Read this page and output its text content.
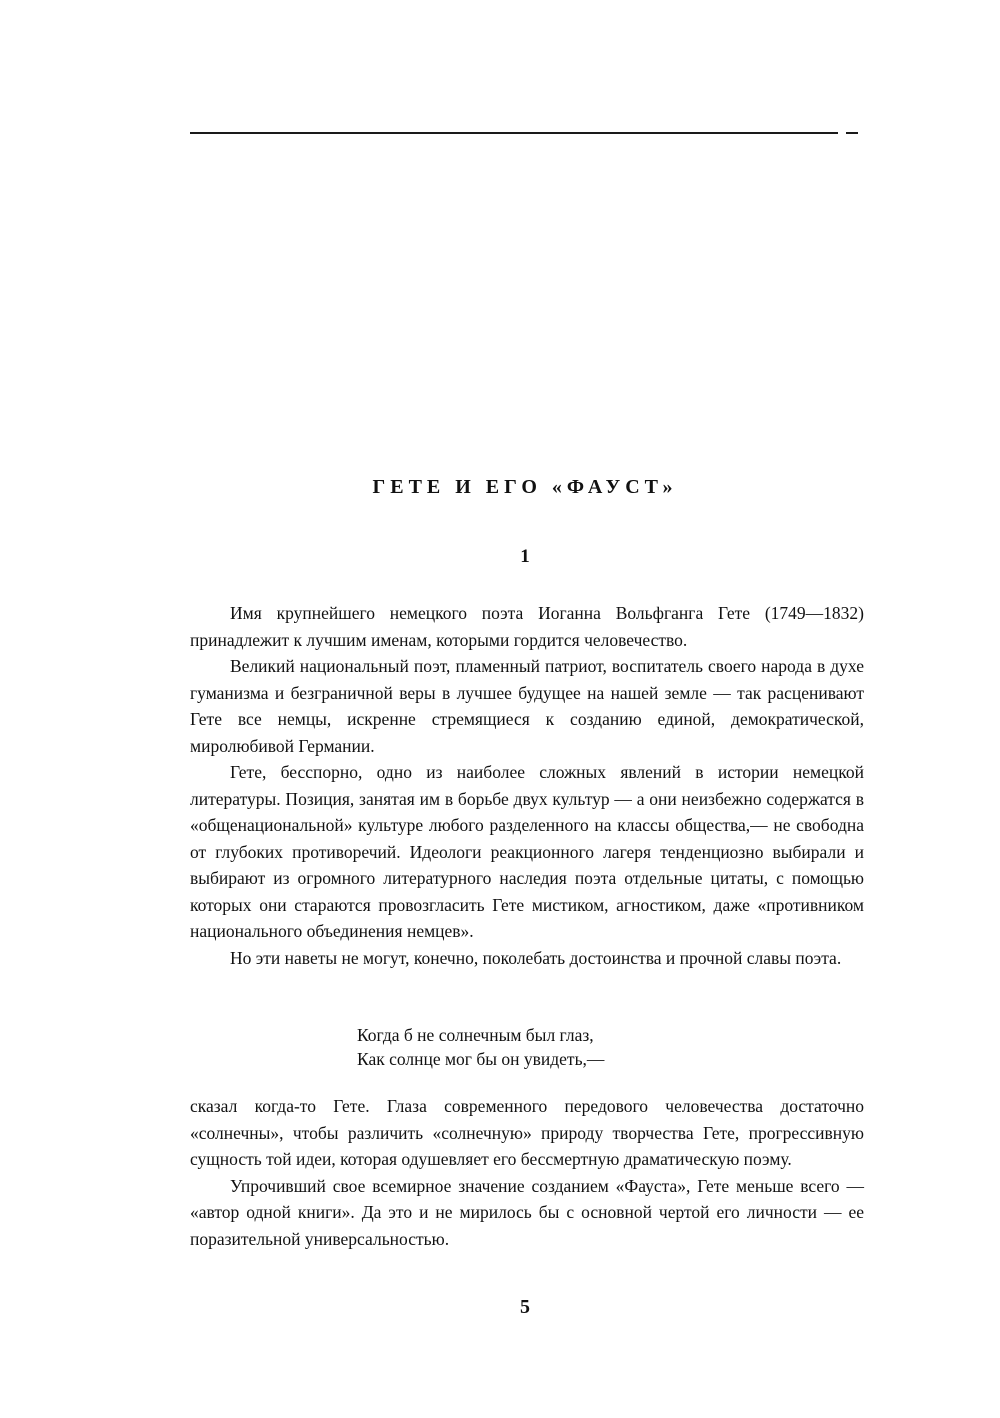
ГЕТЕ И ЕГО «ФАУСТ»
1

Имя крупнейшего немецкого поэта Иоганна Вольфганга Гете (1749—1832) принадлежит к лучшим именам, которыми гордится человечество.

Великий национальный поэт, пламенный патриот, воспитатель своего народа в духе гуманизма и безграничной веры в лучшее будущее на нашей земле — так расценивают Гете все немцы, искренне стремящиеся к созданию единой, демократической, миролюбивой Германии.

Гете, бесспорно, одно из наиболее сложных явлений в истории немецкой литературы. Позиция, занятая им в борьбе двух культур — а они неизбежно содержатся в «общенациональной» культуре любого разделенного на классы общества,— не свободна от глубоких противоречий. Идеологи реакционного лагеря тенденциозно выбирали и выбирают из огромного литературного наследия поэта отдельные цитаты, с помощью которых они стараются провозгласить Гете мистиком, агностиком, даже «противником национального объединения немцев».

Но эти наветы не могут, конечно, поколебать достоинства и прочной славы поэта.

Когда б не солнечным был глаз,
Как солнце мог бы он увидеть,—

сказал когда-то Гете. Глаза современного передового человечества достаточно «солнечны», чтобы различить «солнечную» природу творчества Гете, прогрессивную сущность той идеи, которая одушевляет его бессмертную драматическую поэму.

Упрочивший свое всемирное значение созданием «Фауста», Гете меньше всего — «автор одной книги». Да это и не мирилось бы с основной чертой его личности — ее поразительной универсальностью.

5
